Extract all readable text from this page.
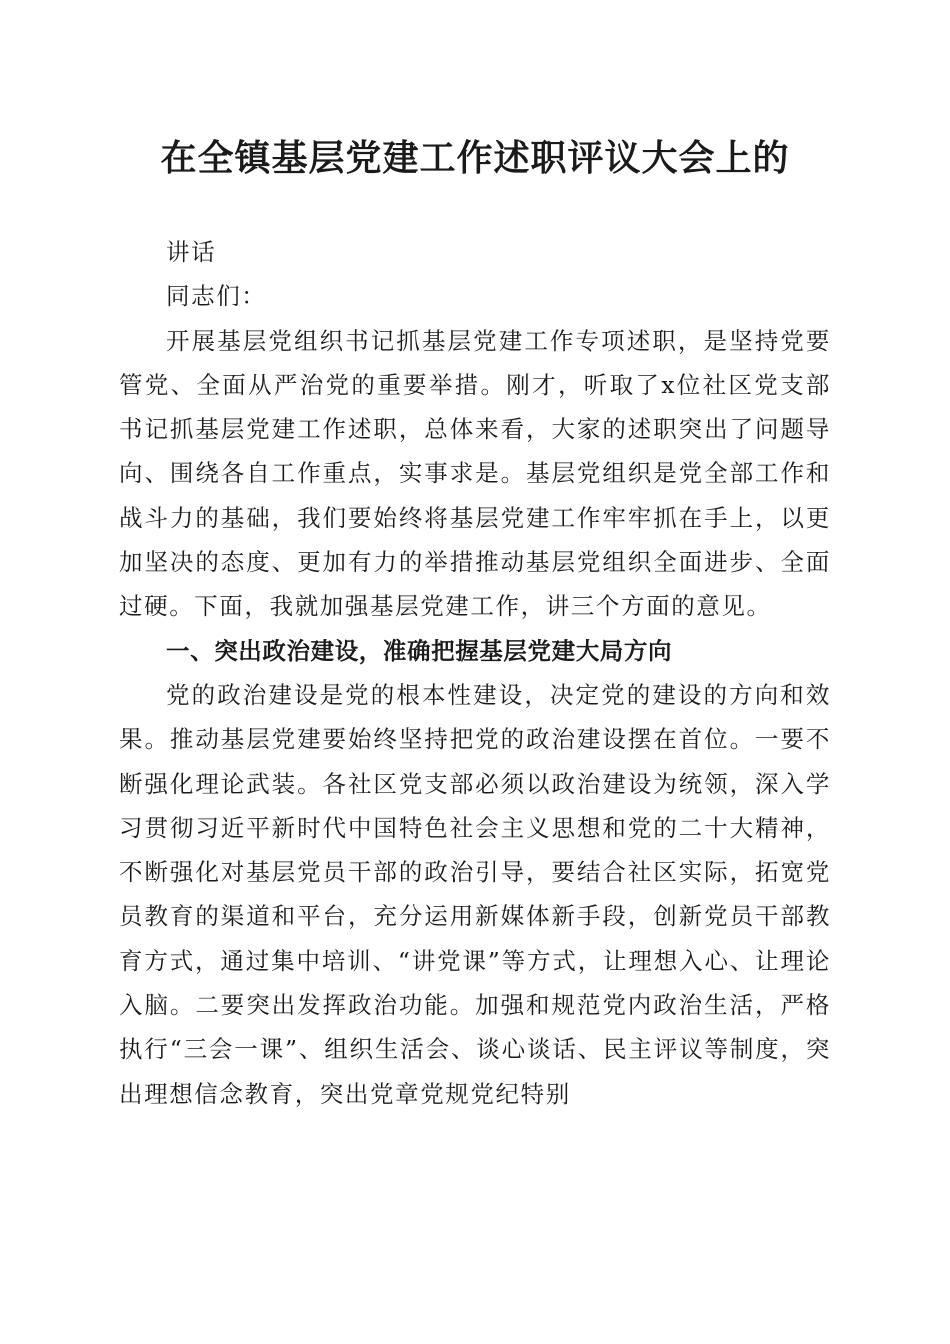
在全镇基层党建工作述职评议大会上的

讲话

同志们：

开展基层党组织书记抓基层党建工作专项述职，是坚持党要管党、全面从严治党的重要举措。刚才，听取了x位社区党支部书记抓基层党建工作述职，总体来看，大家的述职突出了问题导向、围绕各自工作重点，实事求是。基层党组织是党全部工作和战斗力的基础，我们要始终将基层党建工作牢牢抓在手上，以更加坚决的态度、更加有力的举措推动基层党组织全面进步、全面过硬。下面，我就加强基层党建工作，讲三个方面的意见。

一、突出政治建设，准确把握基层党建大局方向

党的政治建设是党的根本性建设，决定党的建设的方向和效果。推动基层党建要始终坚持把党的政治建设摆在首位。一要不断强化理论武装。各社区党支部必须以政治建设为统领，深入学习贯彻习近平新时代中国特色社会主义思想和党的二十大精神，不断强化对基层党员干部的政治引导，要结合社区实际，拓宽党员教育的渠道和平台，充分运用新媒体新手段，创新党员干部教育方式，通过集中培训、“讲党课”等方式，让理想入心、让理论入脑。二要突出发挥政治功能。加强和规范党内政治生活，严格执行“三会一课”、组织生活会、谈心谈话、民主评议等制度，突出理想信念教育，突出党章党规党纪特别
